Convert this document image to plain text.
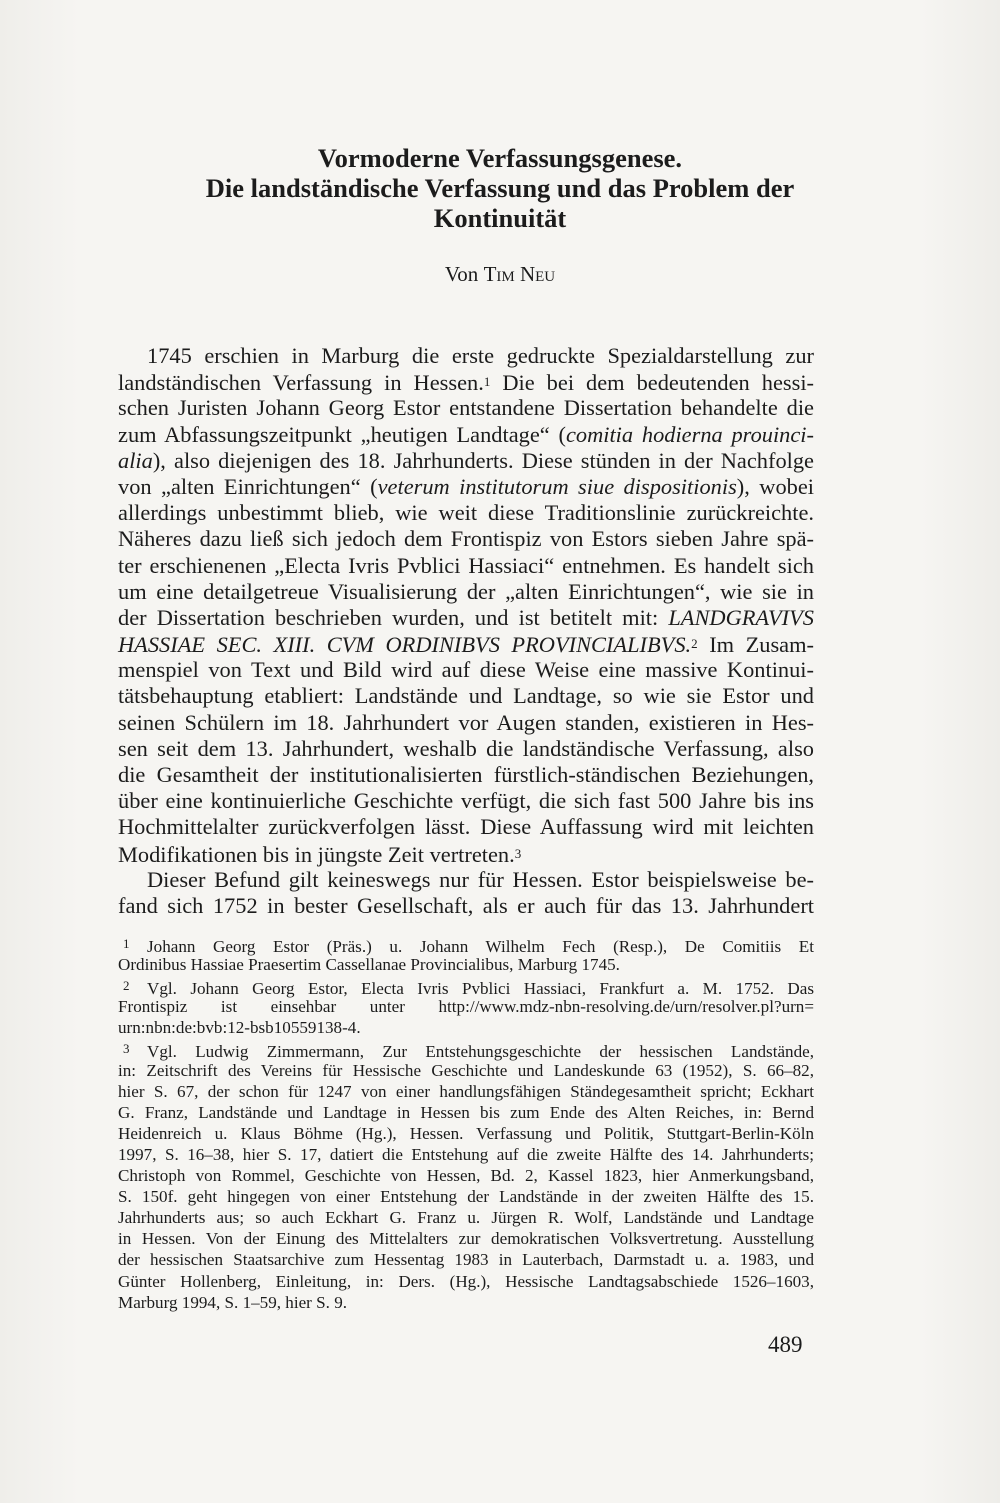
Vormoderne Verfassungsgenese.
Die landständische Verfassung und das Problem der
Kontinuität
Von Tim Neu
1745 erschien in Marburg die erste gedruckte Spezialdarstellung zur
landständischen Verfassung in Hessen.$^1$ Die bei dem bedeutenden hessi-
schen Juristen Johann Georg Estor entstandene Dissertation behandelte die
zum Abfassungszeitpunkt „heutigen Landtage“ (comitia hodierna prouinci-
alia), also diejenigen des 18. Jahrhunderts. Diese stünden in der Nachfolge
von „alten Einrichtungen“ (veterum institutorum siue dispositionis), wobei
allerdings unbestimmt blieb, wie weit diese Traditionslinie zurückreichte.
Näheres dazu ließ sich jedoch dem Frontispiz von Estors sieben Jahre spä-
ter erschienenen „Electa Ivris Pvblici Hassiaci“ entnehmen. Es handelt sich
um eine detailgetreue Visualisierung der „alten Einrichtungen“, wie sie in
der Dissertation beschrieben wurden, und ist betitelt mit: LANDGRAVIVS
HASSIAE SEC. XIII. CVM ORDINIBVS PROVINCIALIBVS.$^2$ Im Zusam-
menspiel von Text und Bild wird auf diese Weise eine massive Kontinui-
tätsbehauptung etabliert: Landstände und Landtage, so wie sie Estor und
seinen Schülern im 18. Jahrhundert vor Augen standen, existieren in Hes-
sen seit dem 13. Jahrhundert, weshalb die landständische Verfassung, also
die Gesamtheit der institutionalisierten fürstlich-ständischen Beziehungen,
über eine kontinuierliche Geschichte verfügt, die sich fast 500 Jahre bis ins
Hochmittelalter zurückverfolgen lässt. Diese Auffassung wird mit leichten
Modifikationen bis in jüngste Zeit vertreten.$^3$
Dieser Befund gilt keineswegs nur für Hessen. Estor beispielsweise be-
fand sich 1752 in bester Gesellschaft, als er auch für das 13. Jahrhundert
1 Johann Georg Estor (Präs.) u. Johann Wilhelm Fech (Resp.), De Comitiis Et
Ordinibus Hassiae Praesertim Cassellanae Provincialibus, Marburg 1745.
2 Vgl. Johann Georg Estor, Electa Ivris Pvblici Hassiaci, Frankfurt a. M. 1752. Das
Frontispiz ist einsehbar unter http://www.mdz-nbn-resolving.de/urn/resolver.pl?urn=
urn:nbn:de:bvb:12-bsb10559138-4.
3 Vgl. Ludwig Zimmermann, Zur Entstehungsgeschichte der hessischen Landstände,
in: Zeitschrift des Vereins für Hessische Geschichte und Landeskunde 63 (1952), S. 66–82,
hier S. 67, der schon für 1247 von einer handlungsfähigen Ständegesamtheit spricht; Eckhart
G. Franz, Landstände und Landtage in Hessen bis zum Ende des Alten Reiches, in: Bernd
Heidenreich u. Klaus Böhme (Hg.), Hessen. Verfassung und Politik, Stuttgart-Berlin-Köln
1997, S. 16–38, hier S. 17, datiert die Entstehung auf die zweite Hälfte des 14. Jahrhunderts;
Christoph von Rommel, Geschichte von Hessen, Bd. 2, Kassel 1823, hier Anmerkungsband,
S. 150f. geht hingegen von einer Entstehung der Landstände in der zweiten Hälfte des 15.
Jahrhunderts aus; so auch Eckhart G. Franz u. Jürgen R. Wolf, Landstände und Landtage
in Hessen. Von der Einung des Mittelalters zur demokratischen Volksvertretung. Ausstellung
der hessischen Staatsarchive zum Hessentag 1983 in Lauterbach, Darmstadt u. a. 1983, und
Günter Hollenberg, Einleitung, in: Ders. (Hg.), Hessische Landtagsabschiede 1526–1603,
Marburg 1994, S. 1–59, hier S. 9.
489
